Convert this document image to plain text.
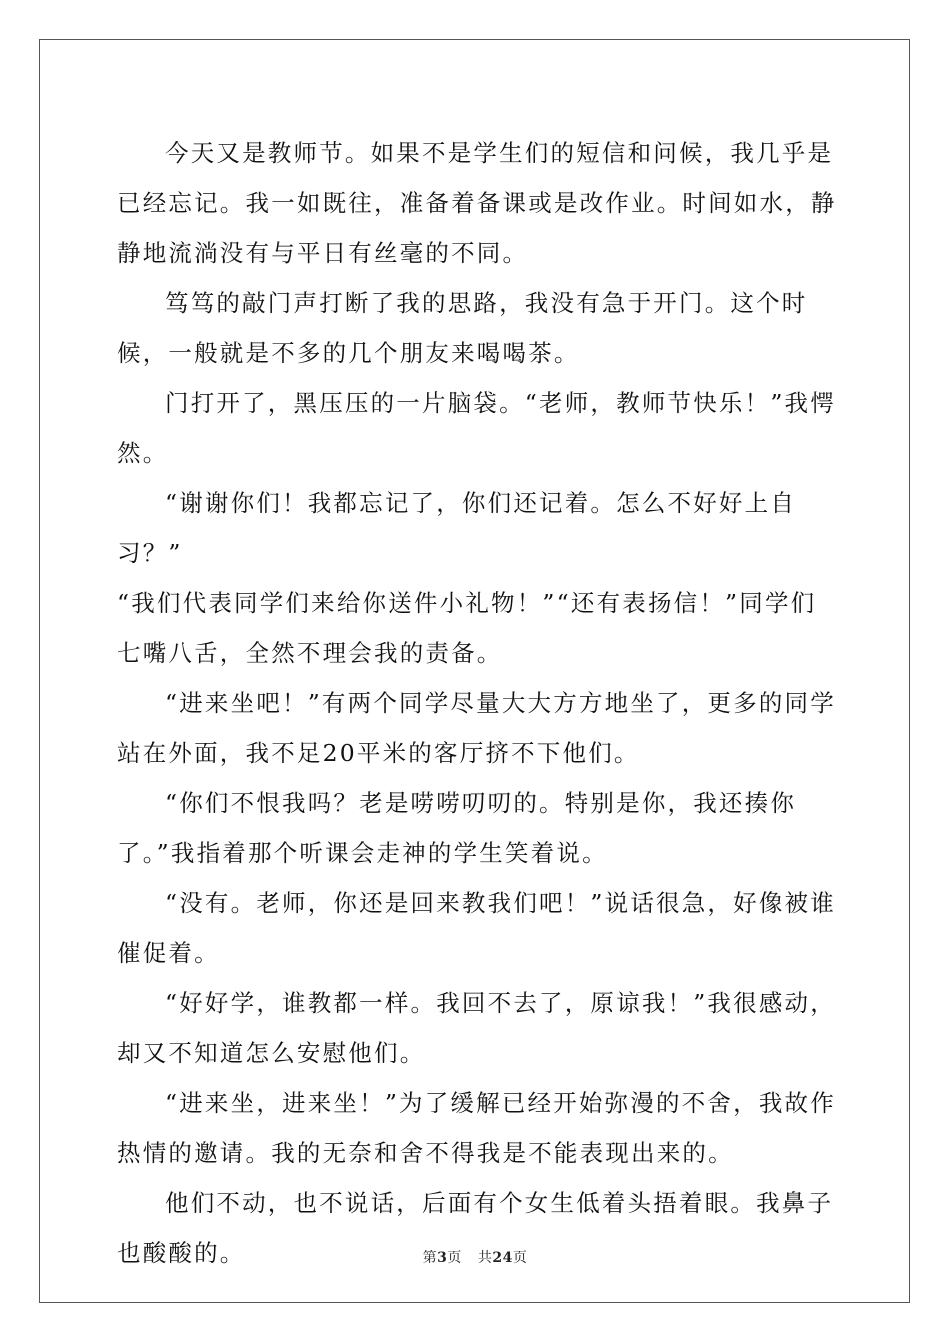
今天又是教师节。如果不是学生们的短信和问候，我几乎是已经忘记。我一如既往，准备着备课或是改作业。时间如水，静静地流淌没有与平日有丝毫的不同。

笃笃的敲门声打断了我的思路，我没有急于开门。这个时候，一般就是不多的几个朋友来喝喝茶。

门打开了，黑压压的一片脑袋。“老师，教师节快乐！”我愕然。

“谢谢你们！我都忘记了，你们还记着。怎么不好好上自习？”

“我们代表同学们来给你送件小礼物！”“还有表扬信！”同学们七嘴八舌，全然不理会我的责备。

“进来坐吧！”有两个同学尽量大大方方地坐了，更多的同学站在外面，我不足20平米的客厅挤不下他们。

“你们不恨我吗？老是唠唠叨叨的。特别是你，我还揍你了。”我指着那个听课会走神的学生笑着说。

“没有。老师，你还是回来教我们吧！”说话很急，好像被谁催促着。

“好好学，谁教都一样。我回不去了，原谅我！”我很感动，却又不知道怎么安慰他们。

“进来坐，进来坐！”为了缓解已经开始弥漫的不舍，我故作热情的邀请。我的无奈和舍不得我是不能表现出来的。

他们不动，也不说话，后面有个女生低着头捂着眼。我鼻子也酸酸的。	第3页 共24页
